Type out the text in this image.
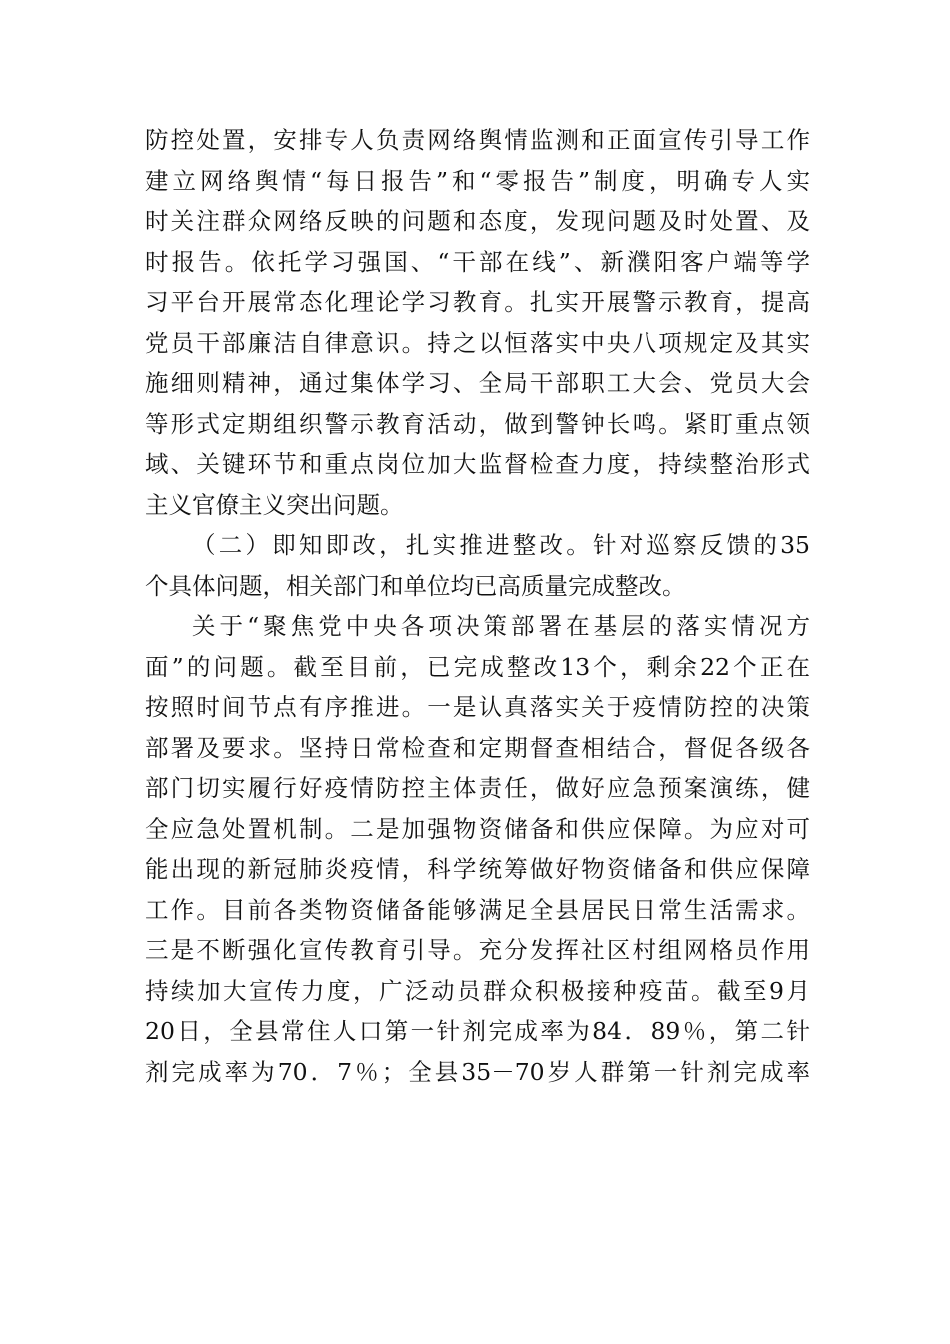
防控处置，安排专人负责网络舆情监测和正面宣传引导工作
建立网络舆情“每日报告”和“零报告”制度，明确专人实
时关注群众网络反映的问题和态度，发现问题及时处置、及
时报告。依托学习强国、“干部在线”、新濮阳客户端等学
习平台开展常态化理论学习教育。扎实开展警示教育，提高
党员干部廉洁自律意识。持之以恒落实中央八项规定及其实
施细则精神，通过集体学习、全局干部职工大会、党员大会
等形式定期组织警示教育活动，做到警钟长鸣。紧盯重点领
域、关键环节和重点岗位加大监督检查力度，持续整治形式
主义官僚主义突出问题。
（二）即知即改，扎实推进整改。针对巡察反馈的35
个具体问题，相关部门和单位均已高质量完成整改。
关于“聚焦党中央各项决策部署在基层的落实情况方
面”的问题。截至目前，已完成整改13个，剩余22个正在
按照时间节点有序推进。一是认真落实关于疫情防控的决策
部署及要求。坚持日常检查和定期督查相结合，督促各级各
部门切实履行好疫情防控主体责任，做好应急预案演练，健
全应急处置机制。二是加强物资储备和供应保障。为应对可
能出现的新冠肺炎疫情，科学统筹做好物资储备和供应保障
工作。目前各类物资储备能够满足全县居民日常生活需求。
三是不断强化宣传教育引导。充分发挥社区村组网格员作用
持续加大宣传力度，广泛动员群众积极接种疫苗。截至9月
20日，全县常住人口第一针剂完成率为84．89％，第二针
剂完成率为70．7％；全县35－70岁人群第一针剂完成率
